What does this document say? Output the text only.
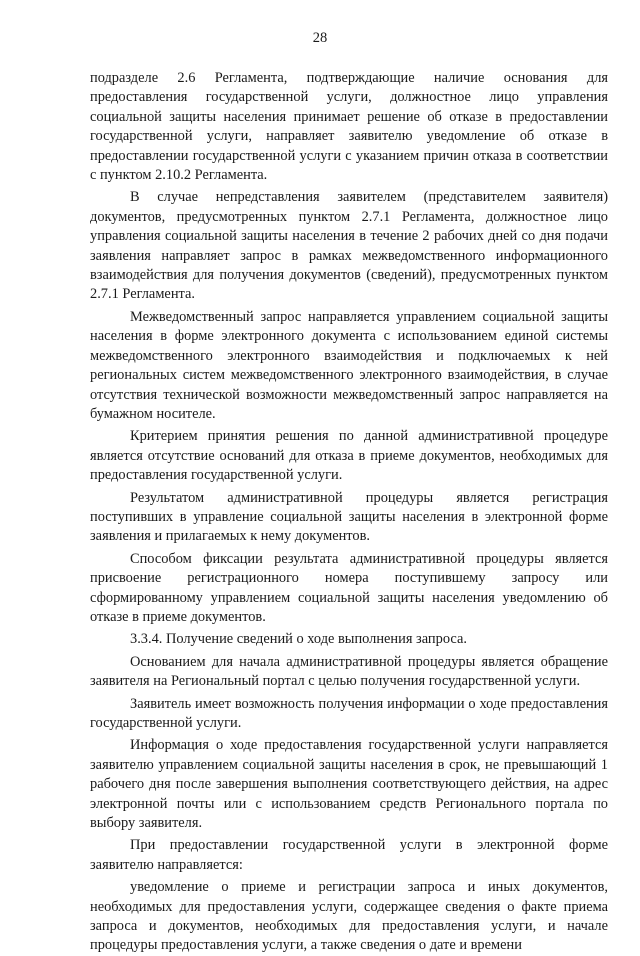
28

подразделе 2.6 Регламента, подтверждающие наличие основания для предоставления государственной услуги, должностное лицо управления социальной защиты населения принимает решение об отказе в предоставлении государственной услуги, направляет заявителю уведомление об отказе в предоставлении государственной услуги с указанием причин отказа в соответствии с пунктом 2.10.2 Регламента.

В случае непредставления заявителем (представителем заявителя) документов, предусмотренных пунктом 2.7.1 Регламента, должностное лицо управления социальной защиты населения в течение 2 рабочих дней со дня подачи заявления направляет запрос в рамках межведомственного информационного взаимодействия для получения документов (сведений), предусмотренных пунктом 2.7.1 Регламента.

Межведомственный запрос направляется управлением социальной защиты населения в форме электронного документа с использованием единой системы межведомственного электронного взаимодействия и подключаемых к ней региональных систем межведомственного электронного взаимодействия, в случае отсутствия технической возможности межведомственный запрос направляется на бумажном носителе.

Критерием принятия решения по данной административной процедуре является отсутствие оснований для отказа в приеме документов, необходимых для предоставления государственной услуги.

Результатом административной процедуры является регистрация поступивших в управление социальной защиты населения в электронной форме заявления и прилагаемых к нему документов.

Способом фиксации результата административной процедуры является присвоение регистрационного номера поступившему запросу или сформированному управлением социальной защиты населения уведомлению об отказе в приеме документов.

3.3.4. Получение сведений о ходе выполнения запроса.

Основанием для начала административной процедуры является обращение заявителя на Региональный портал с целью получения государственной услуги.

Заявитель имеет возможность получения информации о ходе предоставления государственной услуги.

Информация о ходе предоставления государственной услуги направляется заявителю управлением социальной защиты населения в срок, не превышающий 1 рабочего дня после завершения выполнения соответствующего действия, на адрес электронной почты или с использованием средств Регионального портала по выбору заявителя.

При предоставлении государственной услуги в электронной форме заявителю направляется:

уведомление о приеме и регистрации запроса и иных документов, необходимых для предоставления услуги, содержащее сведения о факте приема запроса и документов, необходимых для предоставления услуги, и начале процедуры предоставления услуги, а также сведения о дате и времени
